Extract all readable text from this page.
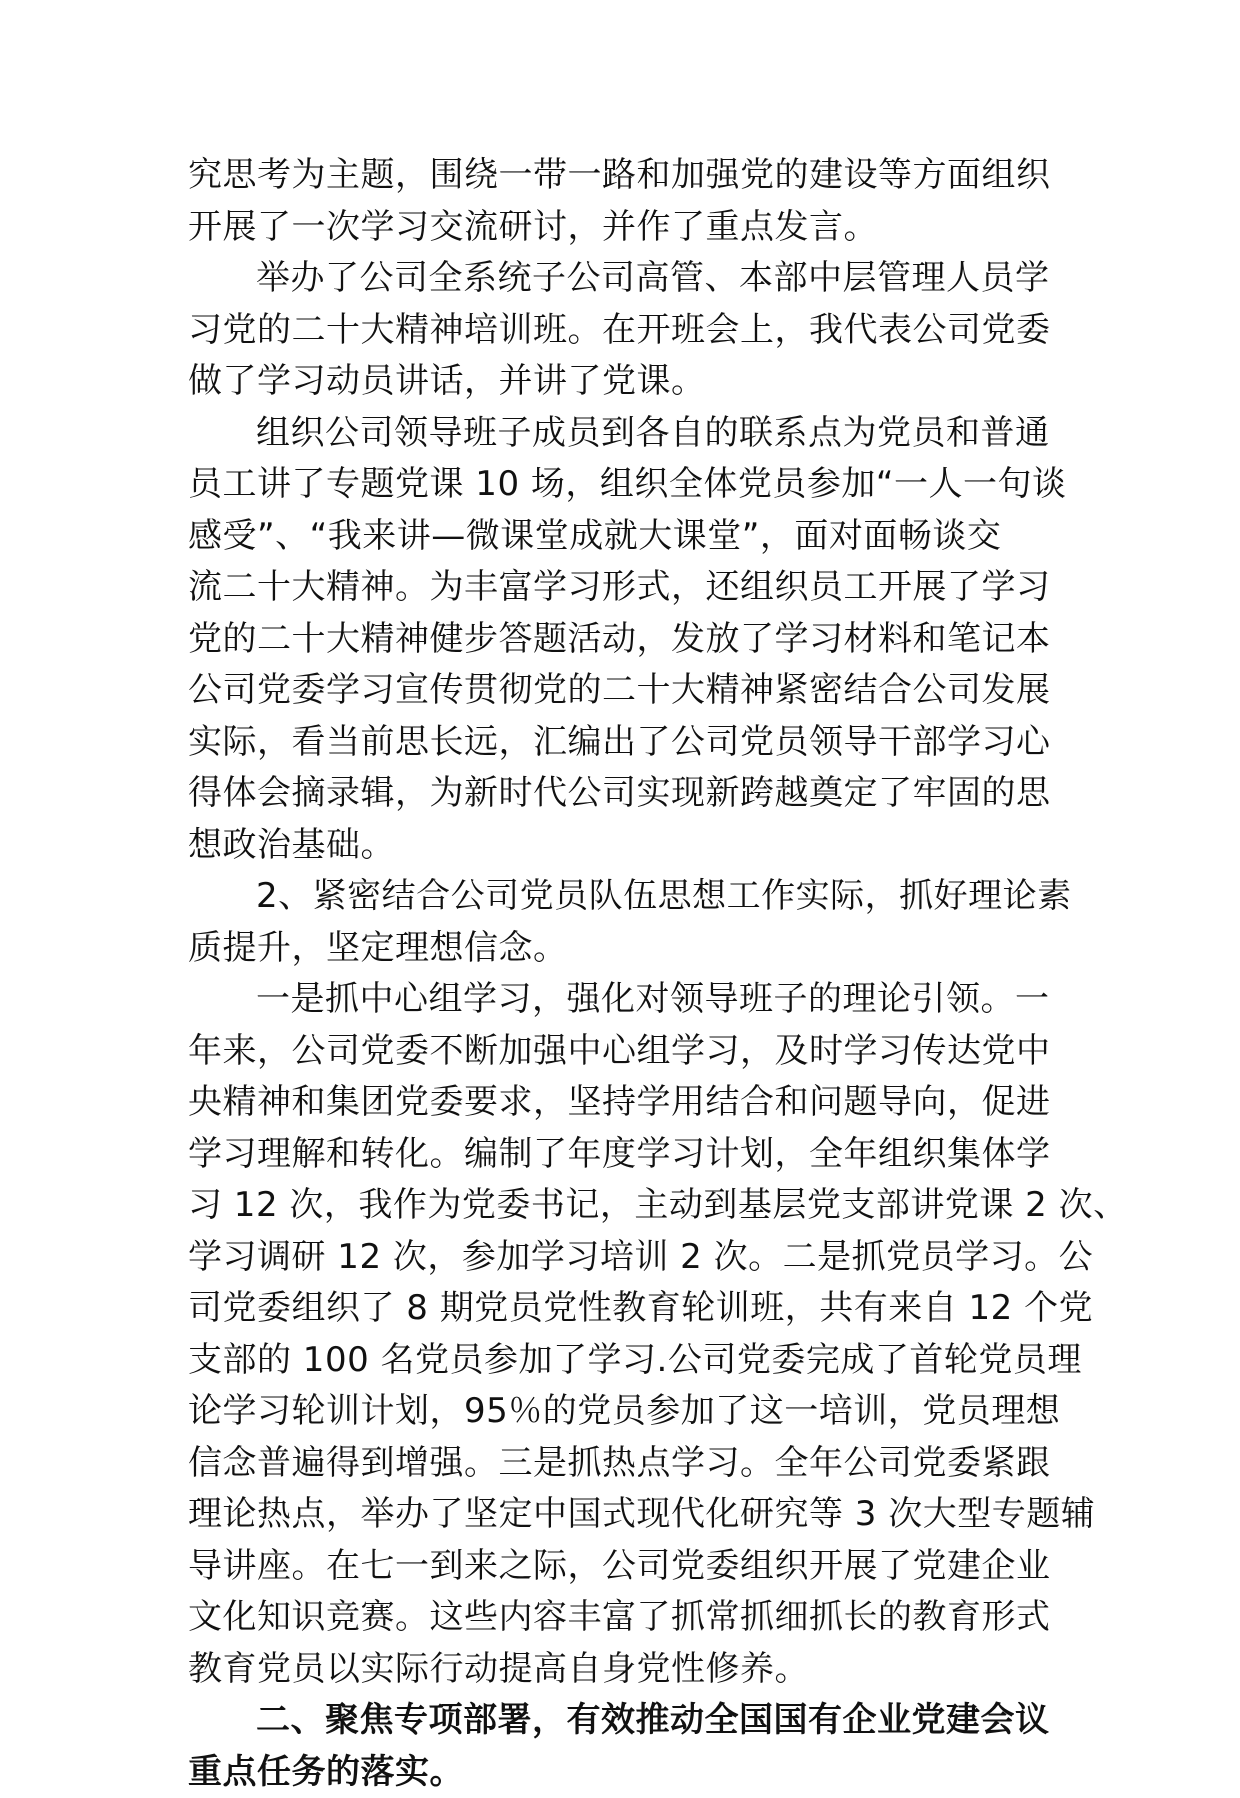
究思考为主题，围绕一带一路和加强党的建设等方面组织
开展了一次学习交流研讨，并作了重点发言。

举办了公司全系统子公司高管、本部中层管理人员学
习党的二十大精神培训班。在开班会上，我代表公司党委
做了学习动员讲话，并讲了党课。

组织公司领导班子成员到各自的联系点为党员和普通
员工讲了专题党课 10 场，组织全体党员参加“一人一句谈
感受”、“我来讲—微课堂成就大课堂”，面对面畅谈交
流二十大精神。为丰富学习形式，还组织员工开展了学习
党的二十大精神健步答题活动，发放了学习材料和笔记本
公司党委学习宣传贯彻党的二十大精神紧密结合公司发展
实际，看当前思长远，汇编出了公司党员领导干部学习心
得体会摘录辑，为新时代公司实现新跨越奠定了牢固的思
想政治基础。

2、紧密结合公司党员队伍思想工作实际，抓好理论素
质提升，坚定理想信念。

一是抓中心组学习，强化对领导班子的理论引领。一
年来，公司党委不断加强中心组学习，及时学习传达党中
央精神和集团党委要求，坚持学用结合和问题导向，促进
学习理解和转化。编制了年度学习计划，全年组织集体学
习 12 次，我作为党委书记，主动到基层党支部讲党课 2 次、
学习调研 12 次，参加学习培训 2 次。二是抓党员学习。公
司党委组织了 8 期党员党性教育轮训班，共有来自 12 个党
支部的 100 名党员参加了学习.公司党委完成了首轮党员理
论学习轮训计划，95％的党员参加了这一培训，党员理想
信念普遍得到增强。三是抓热点学习。全年公司党委紧跟
理论热点，举办了坚定中国式现代化研究等 3 次大型专题辅
导讲座。在七一到来之际，公司党委组织开展了党建企业
文化知识竞赛。这些内容丰富了抓常抓细抓长的教育形式
教育党员以实际行动提高自身党性修养。

二、聚焦专项部署，有效推动全国国有企业党建会议
重点任务的落实。
